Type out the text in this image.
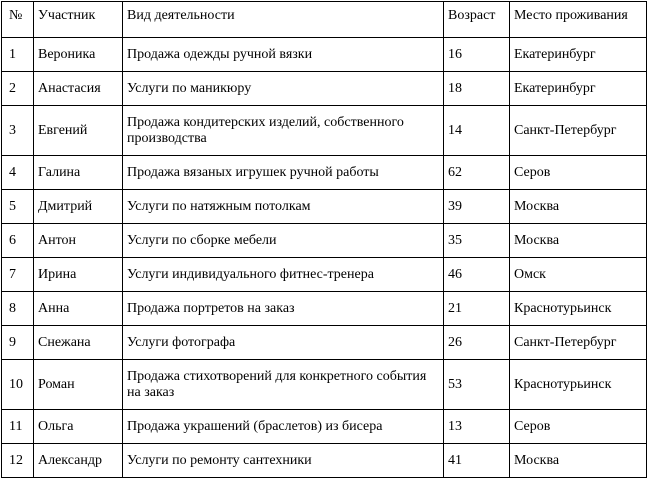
№	Участник	Вид деятельности	Возраст	Место проживания
1	Вероника	Продажа одежды ручной вязки	16	Екатеринбург
2	Анастасия	Услуги по маникюру	18	Екатеринбург
3	Евгений	Продажа кондитерских изделий, собственного производства	14	Санкт-Петербург
4	Галина	Продажа вязаных игрушек ручной работы	62	Серов
5	Дмитрий	Услуги по натяжным потолкам	39	Москва
6	Антон	Услуги по сборке мебели	35	Москва
7	Ирина	Услуги индивидуального фитнес-тренера	46	Омск
8	Анна	Продажа портретов на заказ	21	Краснотурьинск
9	Снежана	Услуги фотографа	26	Санкт-Петербург
10	Роман	Продажа стихотворений для конкретного события на заказ	53	Краснотурьинск
11	Ольга	Продажа украшений (браслетов) из бисера	13	Серов
12	Александр	Услуги по ремонту сантехники	41	Москва
